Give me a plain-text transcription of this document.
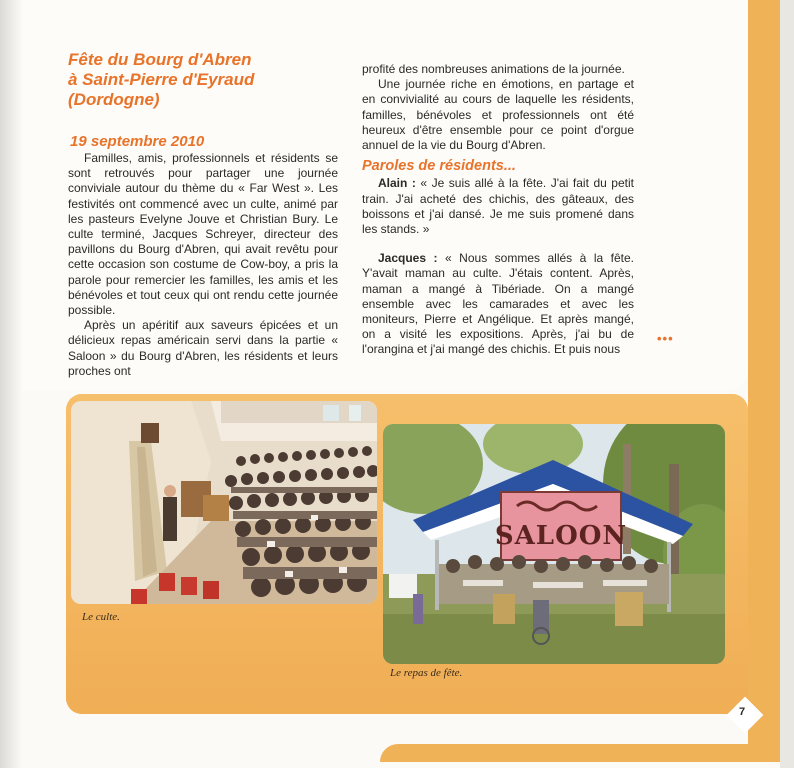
Fête du Bourg d'Abren
à Saint-Pierre d'Eyraud
(Dordogne)
19 septembre 2010

Familles, amis, professionnels et résidents se sont retrouvés pour partager une journée conviviale autour du thème du « Far West ». Les festivités ont commencé avec un culte, animé par les pasteurs Evelyne Jouve et Christian Bury. Le culte terminé, Jacques Schreyer, directeur des pavillons du Bourg d'Abren, qui avait revêtu pour cette occasion son costume de Cow-boy, a pris la parole pour remercier les familles, les amis et les bénévoles et tout ceux qui ont rendu cette journée possible.

Après un apéritif aux saveurs épicées et un délicieux repas américain servi dans la partie « Saloon » du Bourg d'Abren, les résidents et leurs proches ont

profité des nombreuses animations de la journée.

Une journée riche en émotions, en partage et en convivialité au cours de laquelle les résidents, familles, bénévoles et professionnels ont été heureux d'être ensemble pour ce point d'orgue annuel de la vie du Bourg d'Abren.

Paroles de résidents...

Alain : « Je suis allé à la fête. J'ai fait du petit train. J'ai acheté des chichis, des gâteaux, des boissons et j'ai dansé. Je me suis promené dans les stands. »

Jacques : « Nous sommes allés à la fête. Y'avait maman au culte. J'étais content. Après, maman a mangé à Tibériade. On a mangé ensemble avec les camarades et avec les moniteurs, Pierre et Angélique. Et après mangé, on a visité les expositions. Après, j'ai bu de l'orangina et j'ai mangé des chichis. Et puis nous

•••
SALOON
Le culte.
Le repas de fête.
7
